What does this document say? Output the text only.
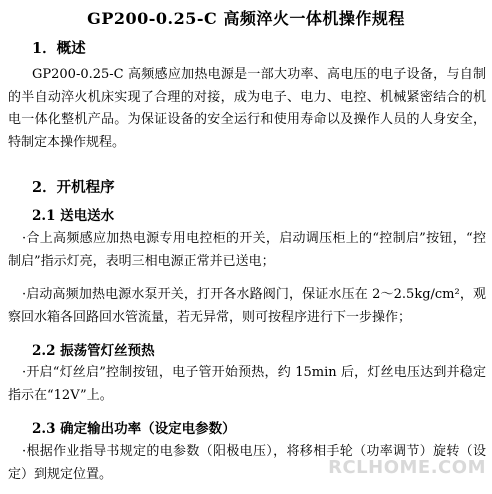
GP200-0.25-C 高频淬火一体机操作规程
1．概述
GP200-0.25-C 高频感应加热电源是一部大功率、高电压的电子设备，与自制的半自动淬火机床实现了合理的对接，成为电子、电力、电控、机械紧密结合的机电一体化整机产品。为保证设备的安全运行和使用寿命以及操作人员的人身安全，特制定本操作规程。
2．开机程序
2.1 送电送水
·合上高频感应加热电源专用电控柜的开关，启动调压柜上的“控制启”按钮，“控制启”指示灯亮，表明三相电源正常并已送电；
·启动高频加热电源水泵开关，打开各水路阀门，保证水压在 2～2.5kg/cm²，观察回水箱各回路回水管流量，若无异常，则可按程序进行下一步操作；
2.2 振荡管灯丝预热
·开启“灯丝启”控制按钮，电子管开始预热，约 15min 后，灯丝电压达到并稳定指示在“12V”上。
2.3 确定输出功率（设定电参数）
·根据作业指导书规定的电参数（阳极电压），将移相手轮（功率调节）旋转（设定）到规定位置。	RCLHOME.COM
